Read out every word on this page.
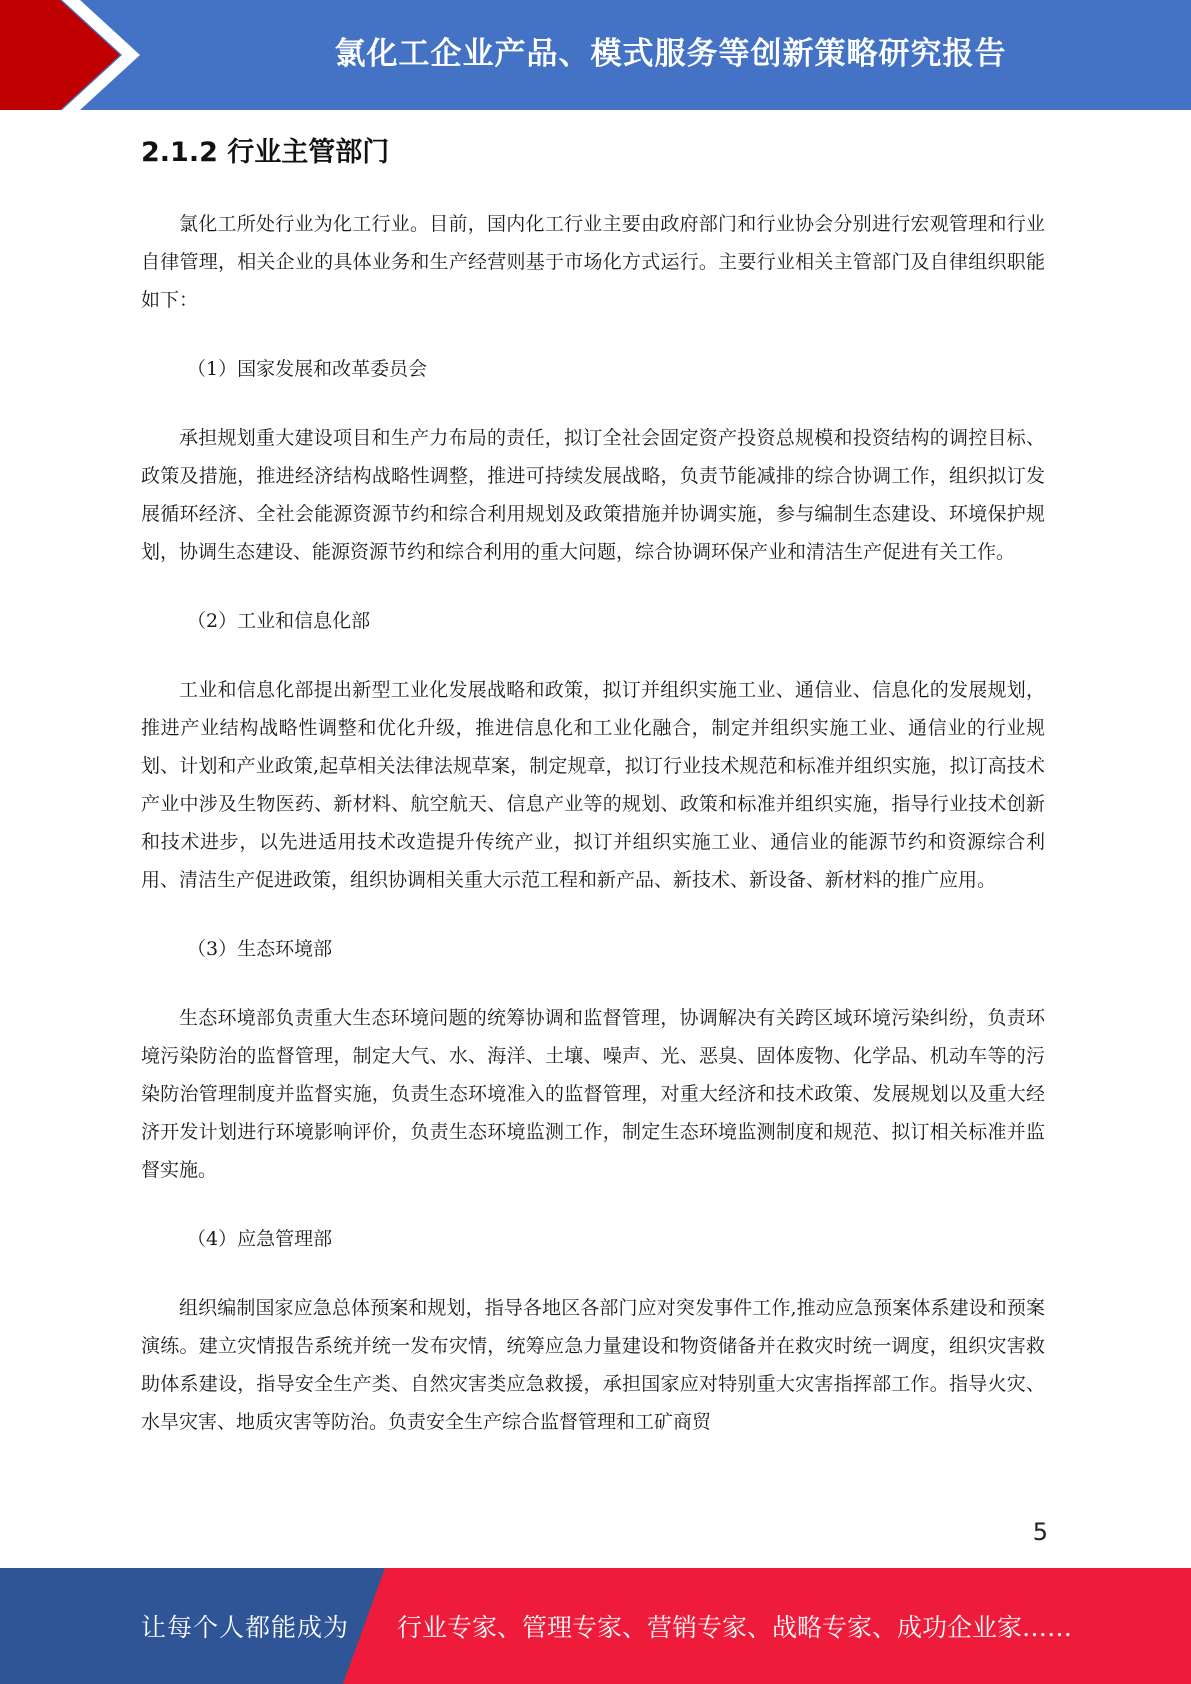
氯化工企业产品、模式服务等创新策略研究报告
2.1.2 行业主管部门

氯化工所处行业为化工行业。目前，国内化工行业主要由政府部门和行业协会分别进行宏观管理和行业自律管理，相关企业的具体业务和生产经营则基于市场化方式运行。主要行业相关主管部门及自律组织职能如下：

（1）国家发展和改革委员会

承担规划重大建设项目和生产力布局的责任，拟订全社会固定资产投资总规模和投资结构的调控目标、政策及措施，推进经济结构战略性调整，推进可持续发展战略，负责节能减排的综合协调工作，组织拟订发展循环经济、全社会能源资源节约和综合利用规划及政策措施并协调实施，参与编制生态建设、环境保护规划，协调生态建设、能源资源节约和综合利用的重大问题，综合协调环保产业和清洁生产促进有关工作。

（2）工业和信息化部

工业和信息化部提出新型工业化发展战略和政策，拟订并组织实施工业、通信业、信息化的发展规划，推进产业结构战略性调整和优化升级，推进信息化和工业化融合，制定并组织实施工业、通信业的行业规划、计划和产业政策,起草相关法律法规草案，制定规章，拟订行业技术规范和标准并组织实施，拟订高技术产业中涉及生物医药、新材料、航空航天、信息产业等的规划、政策和标准并组织实施，指导行业技术创新和技术进步，以先进适用技术改造提升传统产业，拟订并组织实施工业、通信业的能源节约和资源综合利用、清洁生产促进政策，组织协调相关重大示范工程和新产品、新技术、新设备、新材料的推广应用。

（3）生态环境部

生态环境部负责重大生态环境问题的统筹协调和监督管理，协调解决有关跨区域环境污染纠纷，负责环境污染防治的监督管理，制定大气、水、海洋、土壤、噪声、光、恶臭、固体废物、化学品、机动车等的污染防治管理制度并监督实施，负责生态环境准入的监督管理，对重大经济和技术政策、发展规划以及重大经济开发计划进行环境影响评价，负责生态环境监测工作，制定生态环境监测制度和规范、拟订相关标准并监督实施。

（4）应急管理部

组织编制国家应急总体预案和规划，指导各地区各部门应对突发事件工作,推动应急预案体系建设和预案演练。建立灾情报告系统并统一发布灾情，统筹应急力量建设和物资储备并在救灾时统一调度，组织灾害救助体系建设，指导安全生产类、自然灾害类应急救援，承担国家应对特别重大灾害指挥部工作。指导火灾、水旱灾害、地质灾害等防治。负责安全生产综合监督管理和工矿商贸

5
让每个人都能成为 行业专家、管理专家、营销专家、战略专家、成功企业家……
